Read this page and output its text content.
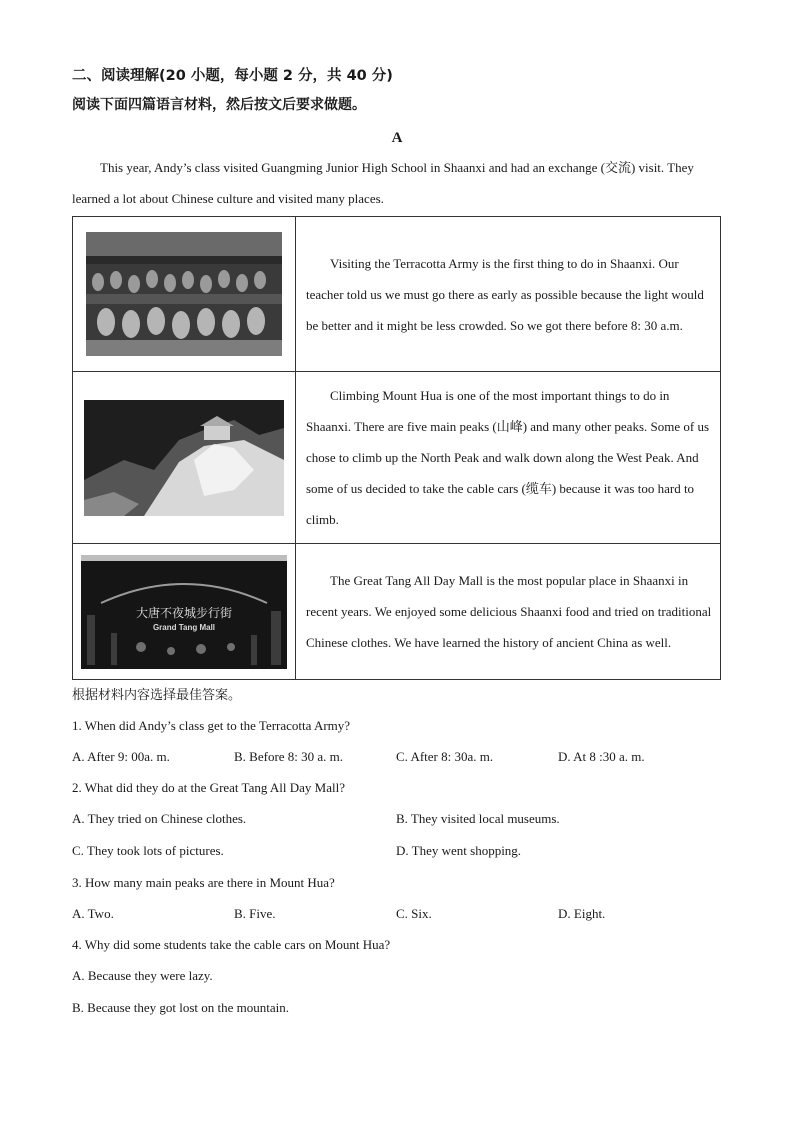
二、阅读理解(20 小题，每小题 2 分，共 40 分)

阅读下面四篇语言材料，然后按文后要求做题。

A

This year, Andy’s class visited Guangming Junior High School in Shaanxi and had an exchange (交流) visit. They learned a lot about Chinese culture and visited many places.

	Visiting the Terracotta Army is the first thing to do in Shaanxi. Our teacher told us we must go there as early as possible because the light would be better and it might be less crowded. So we got there before 8: 30 a.m.

	Climbing Mount Hua is one of the most important things to do in Shaanxi. There are five main peaks (山峰) and many other peaks. Some of us chose to climb up the North Peak and walk down along the West Peak. And some of us decided to take the cable cars (缆车) because it was too hard to climb.

大唐不夜城步行街
Grand Tang Mall	The Great Tang All Day Mall is the most popular place in Shaanxi in recent years. We enjoyed some delicious Shaanxi food and tried on traditional Chinese clothes. We have learned the history of ancient China as well.

根据材料内容选择最佳答案。

1. When did Andy’s class get to the Terracotta Army?

A. After 9: 00a. m.	B. Before 8: 30 a. m.	C. After 8: 30a. m.	D. At 8 :30 a. m.

2. What did they do at the Great Tang All Day Mall?

A. They tried on Chinese clothes.	B. They visited local museums.
C. They took lots of pictures.	D. They went shopping.

3. How many main peaks are there in Mount Hua?

A. Two.	B. Five.	C. Six.	D. Eight.

4. Why did some students take the cable cars on Mount Hua?

A. Because they were lazy.

B. Because they got lost on the mountain.
